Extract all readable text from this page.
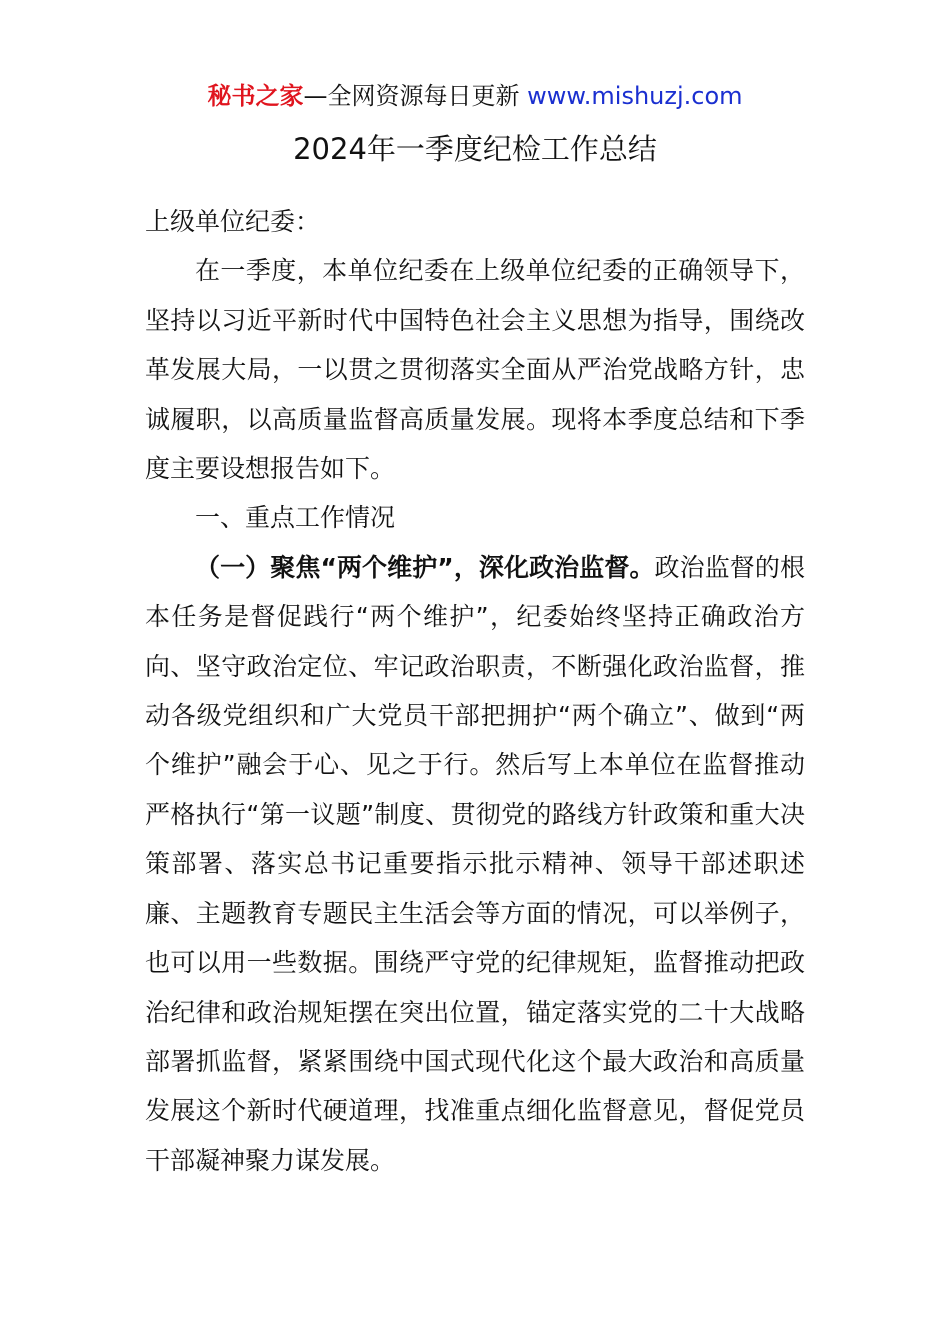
秘书之家—全网资源每日更新 www.mishuzj.com
2024年一季度纪检工作总结

上级单位纪委：

在一季度，本单位纪委在上级单位纪委的正确领导下，坚持以习近平新时代中国特色社会主义思想为指导，围绕改革发展大局，一以贯之贯彻落实全面从严治党战略方针，忠诚履职，以高质量监督高质量发展。现将本季度总结和下季度主要设想报告如下。

一、重点工作情况

（一）聚焦“两个维护”，深化政治监督。政治监督的根本任务是督促践行“两个维护”，纪委始终坚持正确政治方向、坚守政治定位、牢记政治职责，不断强化政治监督，推动各级党组织和广大党员干部把拥护“两个确立”、做到“两个维护”融会于心、见之于行。然后写上本单位在监督推动严格执行“第一议题”制度、贯彻党的路线方针政策和重大决策部署、落实总书记重要指示批示精神、领导干部述职述廉、主题教育专题民主生活会等方面的情况，可以举例子，也可以用一些数据。围绕严守党的纪律规矩，监督推动把政治纪律和政治规矩摆在突出位置，锚定落实党的二十大战略部署抓监督，紧紧围绕中国式现代化这个最大政治和高质量发展这个新时代硬道理，找准重点细化监督意见，督促党员干部凝神聚力谋发展。
